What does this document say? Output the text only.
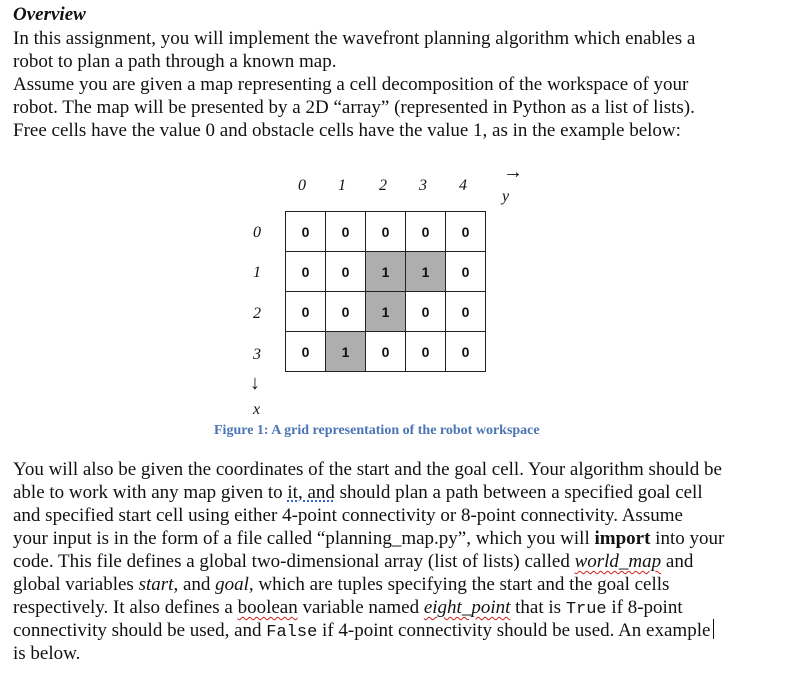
Overview
In this assignment, you will implement the wavefront planning algorithm which enables a
robot to plan a path through a known map.
Assume you are given a map representing a cell decomposition of the workspace of your
robot. The map will be presented by a 2D “array” (represented in Python as a list of lists).
Free cells have the value 0 and obstacle cells have the value 1, as in the example below:
0 1 2 3 4
→
y
0
1
2
3
↓
x
0	0	0	0	0
0	0	1	1	0
0	0	1	0	0
0	1	0	0	0
Figure 1: A grid representation of the robot workspace
You will also be given the coordinates of the start and the goal cell. Your algorithm should be
able to work with any map given to it, and should plan a path between a specified goal cell
and specified start cell using either 4-point connectivity or 8-point connectivity. Assume
your input is in the form of a file called “planning_map.py”, which you will import into your
code. This file defines a global two-dimensional array (list of lists) called world_map and
global variables start, and goal, which are tuples specifying the start and the goal cells
respectively. It also defines a boolean variable named eight_point that is True if 8-point
connectivity should be used, and False if 4-point connectivity should be used. An example
is below.
